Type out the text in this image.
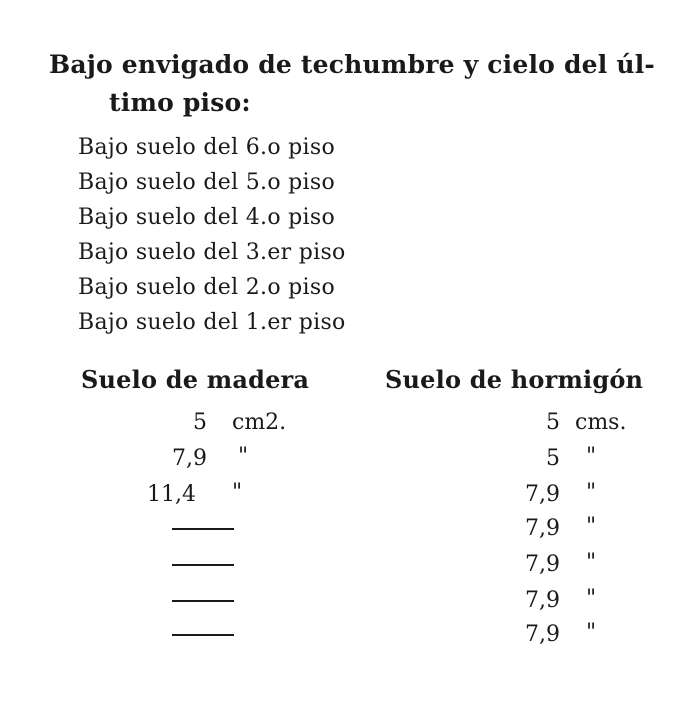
Bajo envigado de techumbre y cielo del úl-
timo piso:
Bajo suelo del 6.o piso
Bajo suelo del 5.o piso
Bajo suelo del 4.o piso
Bajo suelo del 3.er piso
Bajo suelo del 2.o piso
Bajo suelo del 1.er piso
Suelo de madera	Suelo de hormigón
5 cm2.
7,9 "
11,4 "
5 cms.
5 "
7,9 "
7,9 "
7,9 "
7,9 "
7,9 "
